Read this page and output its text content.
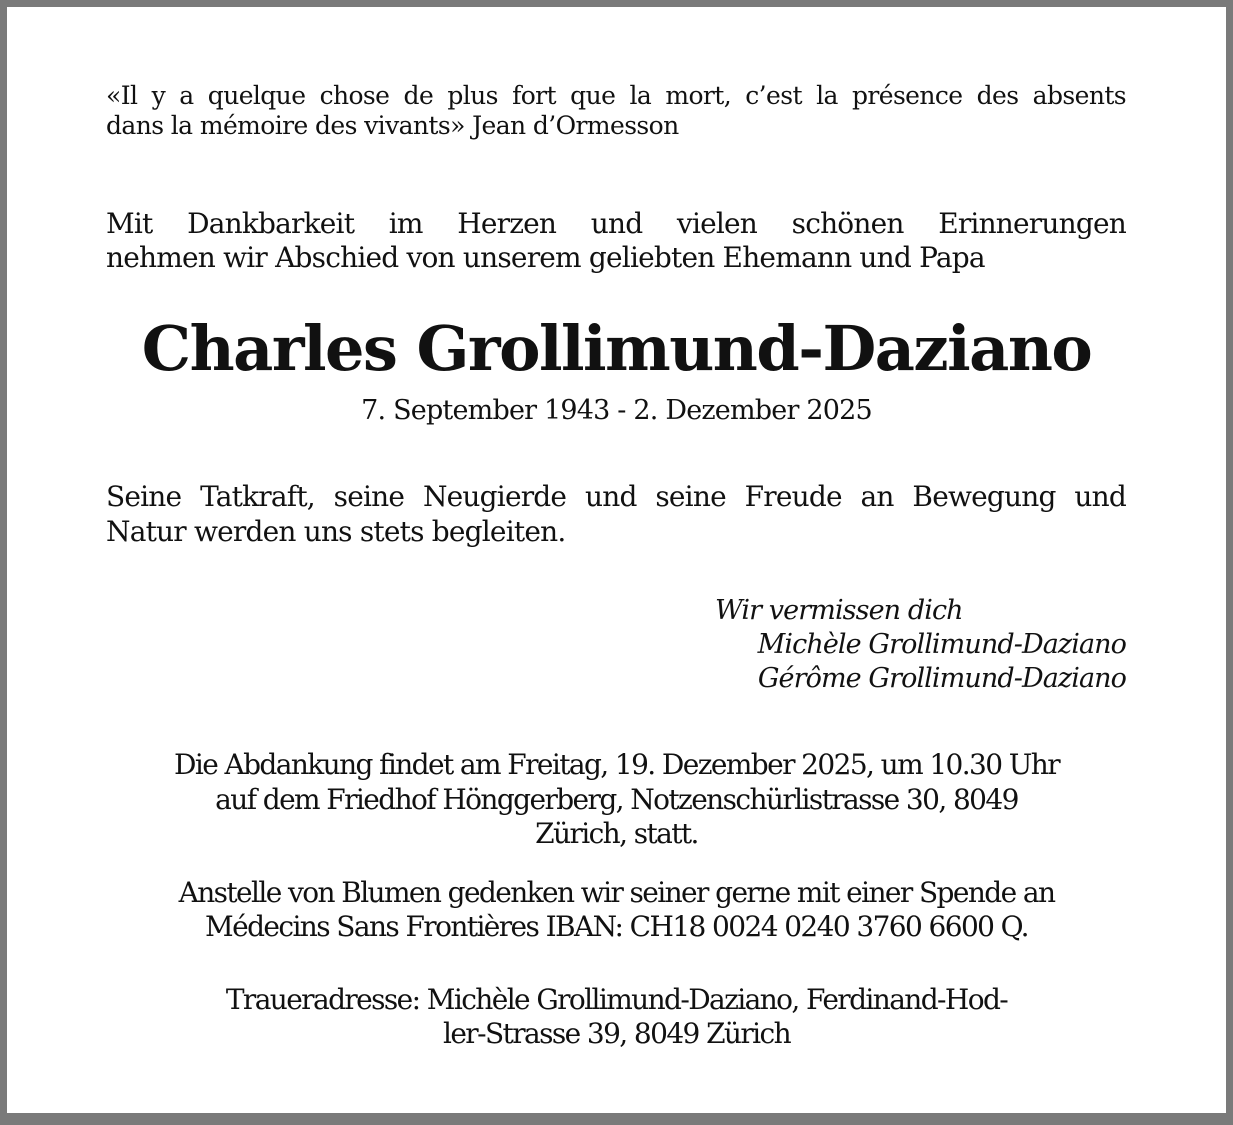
«Il y a quelque chose de plus fort que la mort, c’est la présence des absents
dans la mémoire des vivants» Jean d’Ormesson
Mit Dankbarkeit im Herzen und vielen schönen Erinnerungen
nehmen wir Abschied von unserem geliebten Ehemann und Papa
Charles Grollimund-Daziano
7. September 1943 - 2. Dezember 2025
Seine Tatkraft, seine Neugierde und seine Freude an Bewegung und
Natur werden uns stets begleiten.
Wir vermissen dich
Michèle Grollimund-Daziano
Gérôme Grollimund-Daziano
Die Abdankung findet am Freitag, 19. Dezember 2025, um 10.30 Uhr
auf dem Friedhof Hönggerberg, Notzenschürlistrasse 30, 8049
Zürich, statt.
Anstelle von Blumen gedenken wir seiner gerne mit einer Spende an
Médecins Sans Frontières IBAN: CH18 0024 0240 3760 6600 Q.
Traueradresse: Michèle Grollimund-Daziano, Ferdinand-Hod-
ler-Strasse 39, 8049 Zürich
